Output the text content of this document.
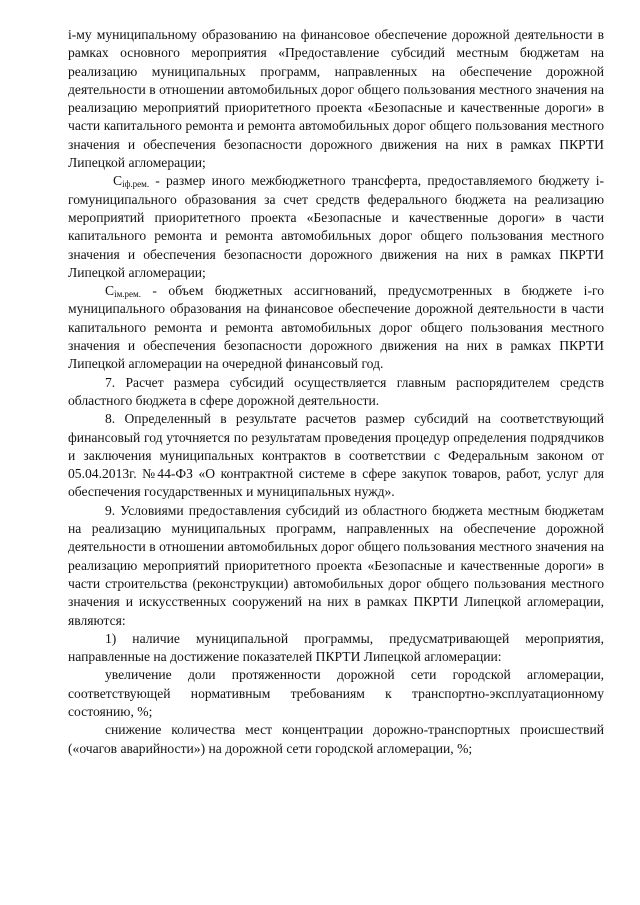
i-му муниципальному образованию на финансовое обеспечение дорожной деятельности в рамках основного мероприятия «Предоставление субсидий местным бюджетам на реализацию муниципальных программ, направленных на обеспечение дорожной деятельности в отношении автомобильных дорог общего пользования местного значения на реализацию мероприятий приоритетного проекта «Безопасные и качественные дороги» в части капитального ремонта и ремонта автомобильных дорог общего пользования местного значения и обеспечения безопасности дорожного движения на них в рамках ПКРТИ Липецкой агломерации;

$C_{iф.рем.}$ - размер иного межбюджетного трансферта, предоставляемого бюджету i-гомуниципального образования за счет средств федерального бюджета на реализацию мероприятий приоритетного проекта «Безопасные и качественные дороги» в части капитального ремонта и ремонта автомобильных дорог общего пользования местного значения и обеспечения безопасности дорожного движения на них в рамках ПКРТИ Липецкой агломерации;

$C_{iм.рем.}$ - объем бюджетных ассигнований, предусмотренных в бюджете i-го муниципального образования на финансовое обеспечение дорожной деятельности в части капитального ремонта и ремонта автомобильных дорог общего пользования местного значения и обеспечения безопасности дорожного движения на них в рамках ПКРТИ Липецкой агломерации на очередной финансовый год.

7. Расчет размера субсидий осуществляется главным распорядителем средств областного бюджета в сфере дорожной деятельности.

8. Определенный в результате расчетов размер субсидий на соответствующий финансовый год уточняется по результатам проведения процедур определения подрядчиков и заключения муниципальных контрактов в соответствии с Федеральным законом от 05.04.2013г. №44-ФЗ «О контрактной системе в сфере закупок товаров, работ, услуг для обеспечения государственных и муниципальных нужд».

9. Условиями предоставления субсидий из областного бюджета местным бюджетам на реализацию муниципальных программ, направленных на обеспечение дорожной деятельности в отношении автомобильных дорог общего пользования местного значения на реализацию мероприятий приоритетного проекта «Безопасные и качественные дороги» в части строительства (реконструкции) автомобильных дорог общего пользования местного значения и искусственных сооружений на них в рамках ПКРТИ Липецкой агломерации, являются:

1) наличие муниципальной программы, предусматривающей мероприятия, направленные на достижение показателей ПКРТИ Липецкой агломерации:

увеличение доли протяженности дорожной сети городской агломерации, соответствующей нормативным требованиям к транспортно-эксплуатационному состоянию, %;

снижение количества мест концентрации дорожно-транспортных происшествий («очагов аварийности») на дорожной сети городской агломерации, %;
